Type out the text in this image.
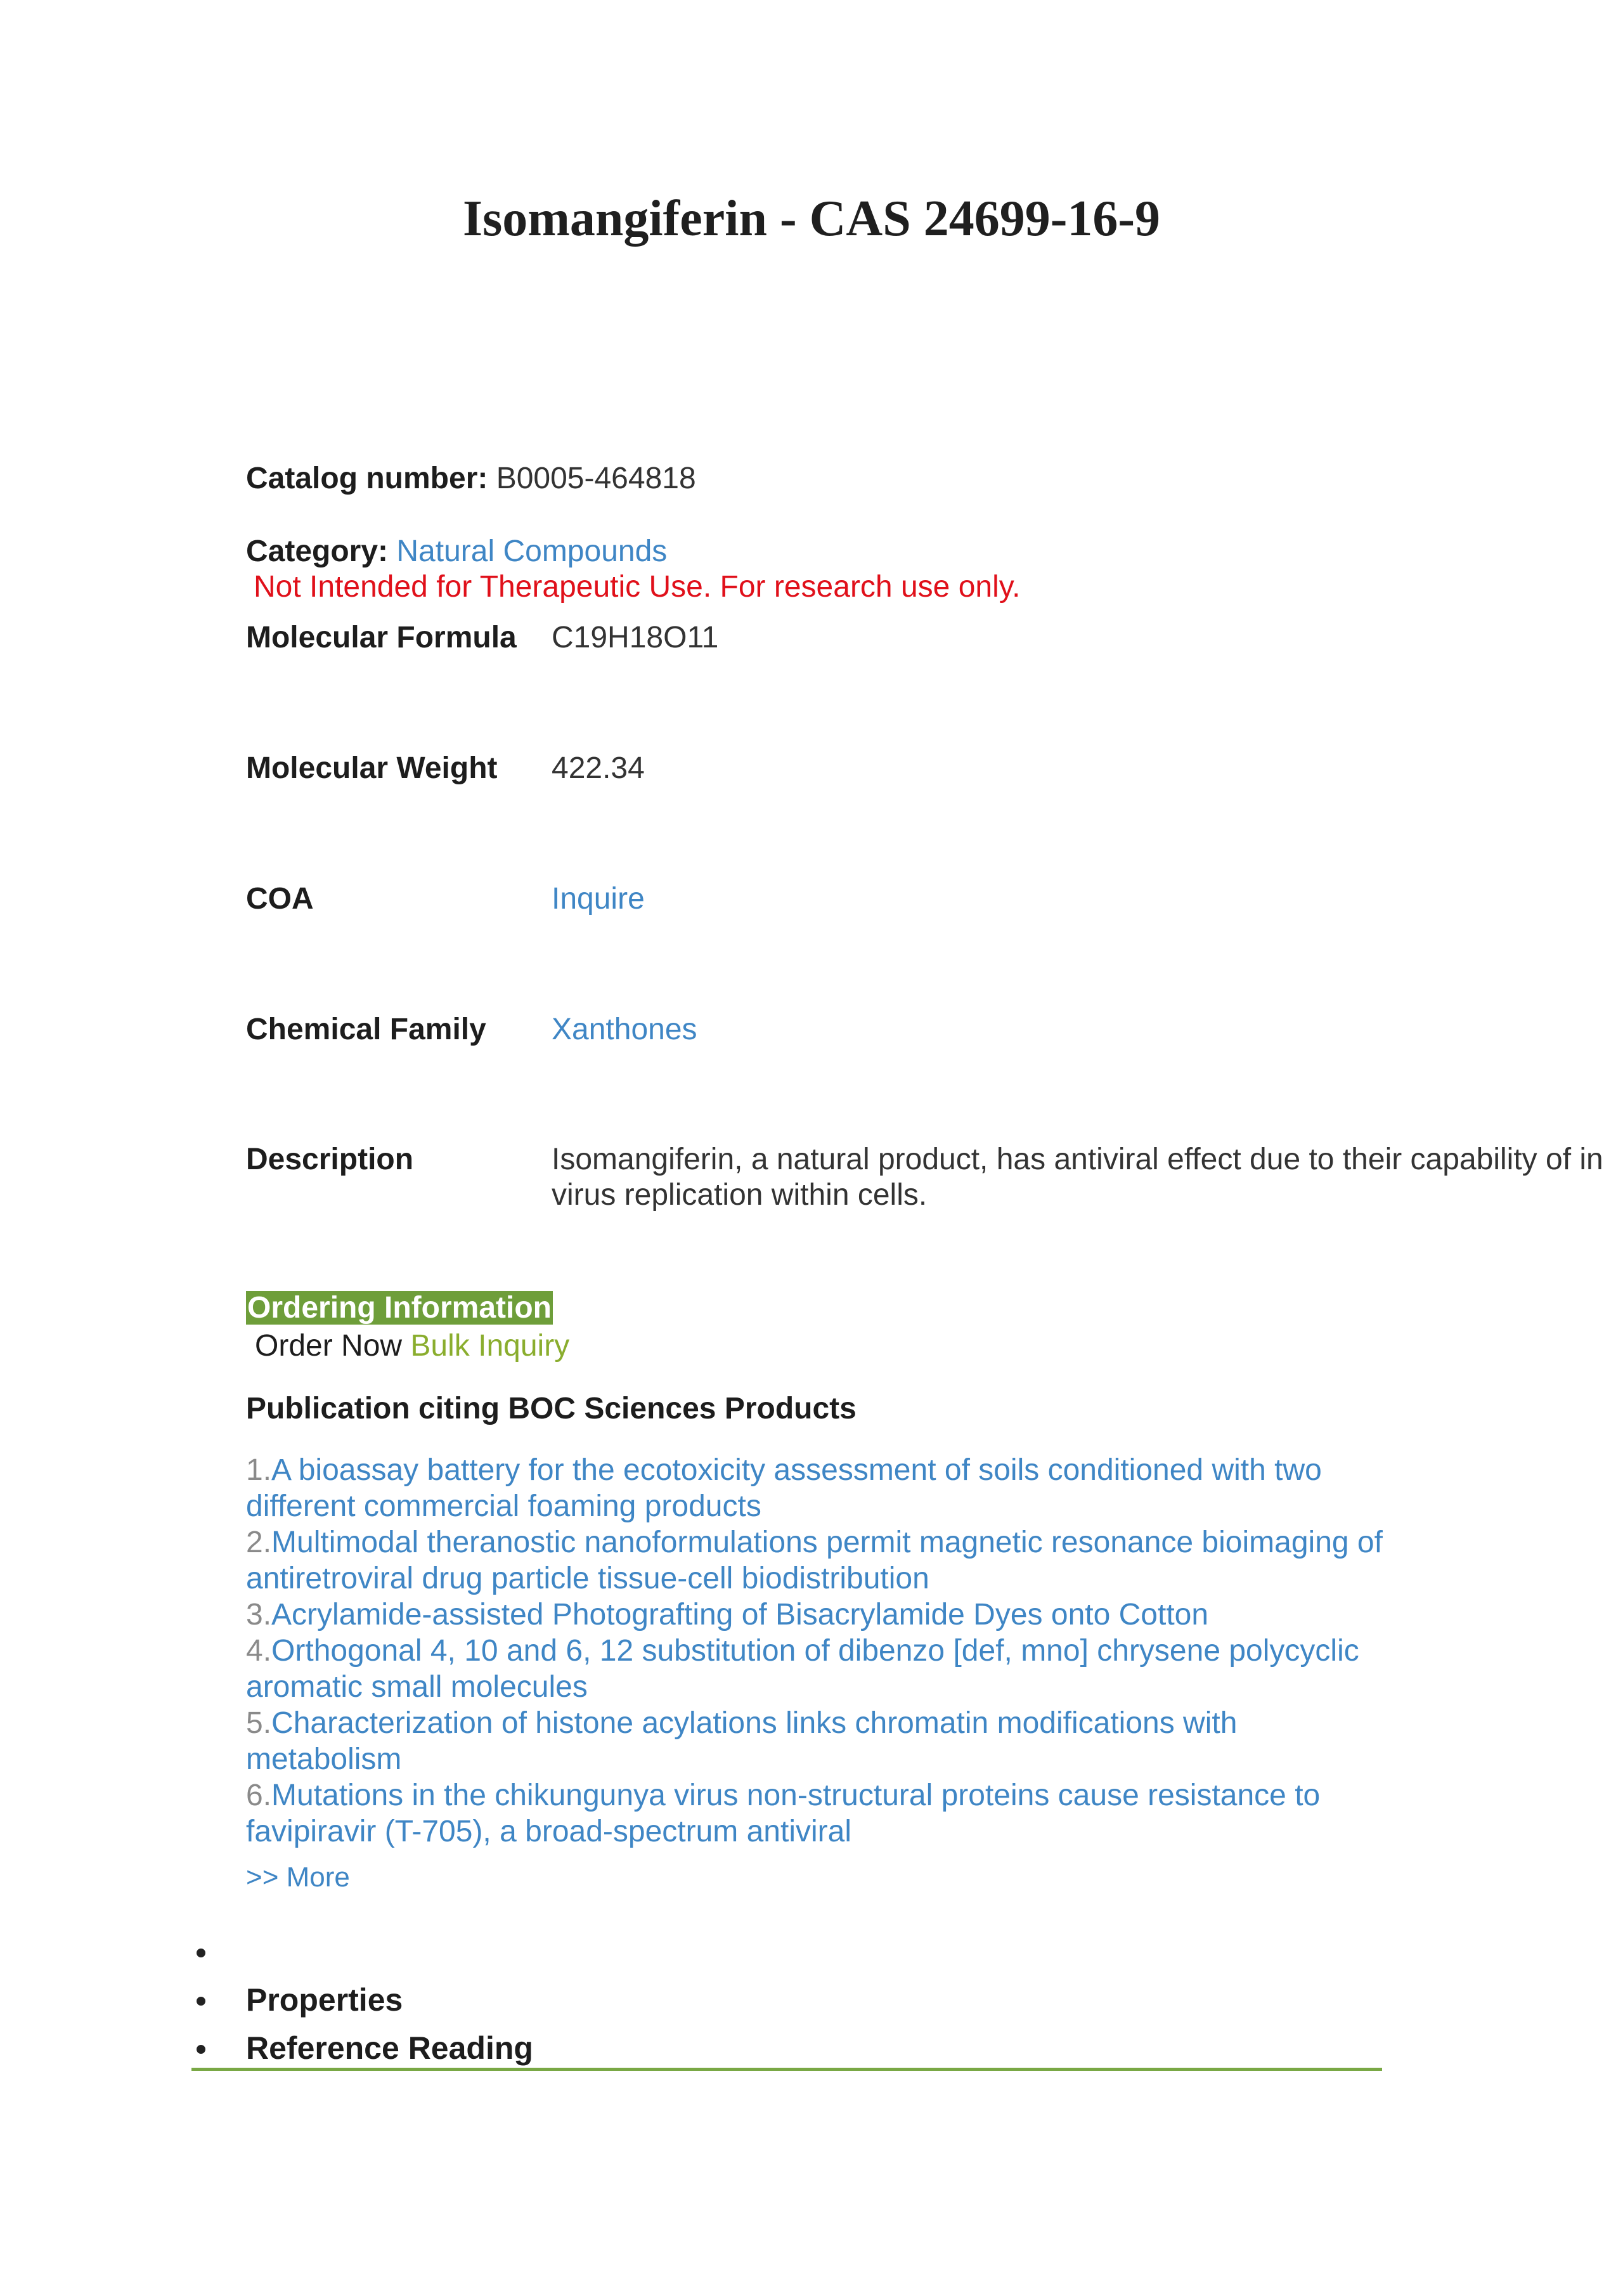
Isomangiferin - CAS 24699-16-9
Catalog number: B0005-464818
Category: Natural Compounds
Not Intended for Therapeutic Use. For research use only.
Molecular Formula C19H18O11
Molecular Weight 422.34
COA	Inquire
Chemical Family Xanthones
Description	Isomangiferin, a natural product, has antiviral effect due to their capability of in
virus replication within cells.
Ordering Information
Order Now Bulk Inquiry
Publication citing BOC Sciences Products
1.A bioassay battery for the ecotoxicity assessment of soils conditioned with two different commercial foaming products
2.Multimodal theranostic nanoformulations permit magnetic resonance bioimaging of antiretroviral drug particle tissue-cell biodistribution
3.Acrylamide-assisted Photografting of Bisacrylamide Dyes onto Cotton
4.Orthogonal 4, 10 and 6, 12 substitution of dibenzo [def, mno] chrysene polycyclic aromatic small molecules
5.Characterization of histone acylations links chromatin modifications with metabolism
6.Mutations in the chikungunya virus non-structural proteins cause resistance to favipiravir (T-705), a broad-spectrum antiviral
>> More
Properties
Reference Reading
